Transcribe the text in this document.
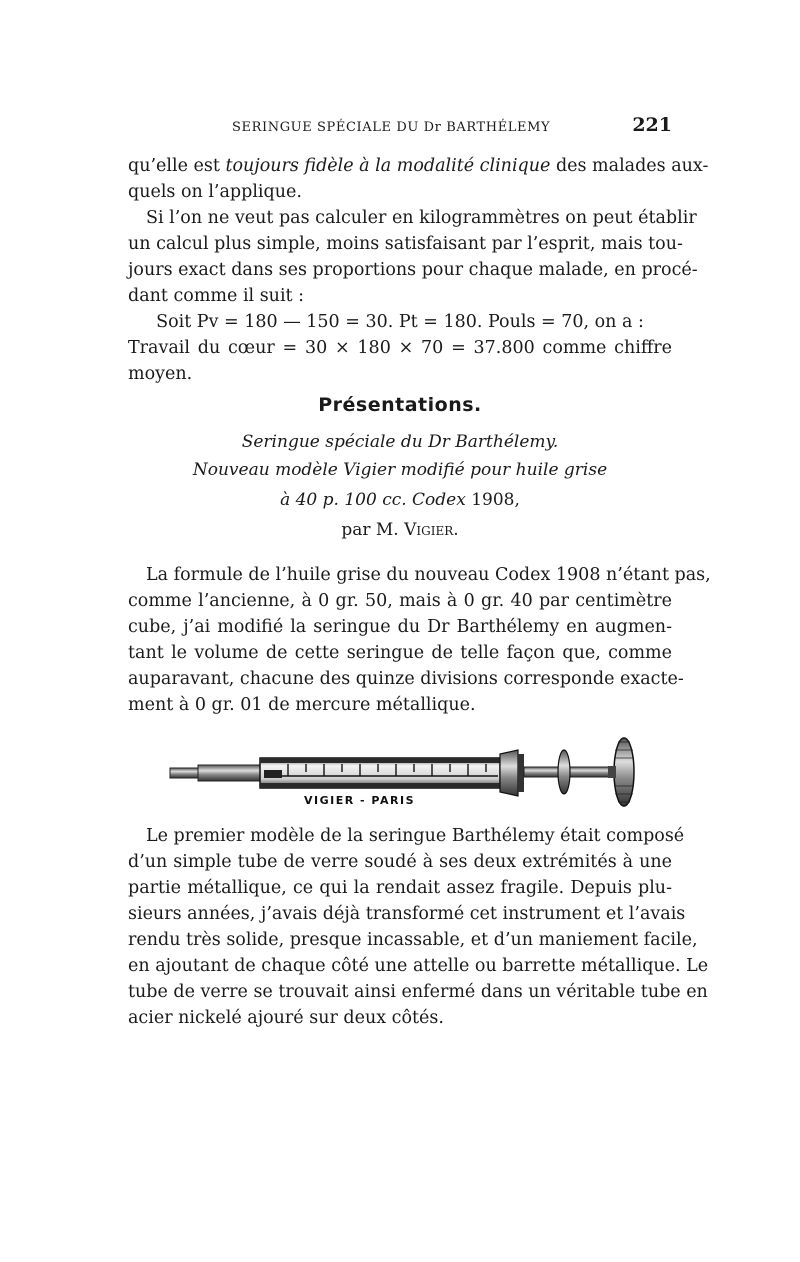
SERINGUE SPÉCIALE DU Dr BARTHÉLEMY	221
qu’elle est toujours fidèle à la modalité clinique des malades aux-
quels on l’applique.
Si l’on ne veut pas calculer en kilogrammètres on peut établir
un calcul plus simple, moins satisfaisant par l’esprit, mais tou-
jours exact dans ses proportions pour chaque malade, en procé-
dant comme il suit :
Soit Pv = 180 — 150 = 30. Pt = 180. Pouls = 70, on a :
Travail du cœur = 30 × 180 × 70 = 37.800 comme chiffre
moyen.
Présentations.
Seringue spéciale du Dr Barthélemy.
Nouveau modèle Vigier modifié pour huile grise
à 40 p. 100 cc. Codex 1908,
par M. Vigier.
La formule de l’huile grise du nouveau Codex 1908 n’étant pas,
comme l’ancienne, à 0 gr. 50, mais à 0 gr. 40 par centimètre
cube, j’ai modifié la seringue du Dr Barthélemy en augmen-
tant le volume de cette seringue de telle façon que, comme
auparavant, chacune des quinze divisions corresponde exacte-
ment à 0 gr. 01 de mercure métallique.
VIGIER - PARIS
Le premier modèle de la seringue Barthélemy était composé
d’un simple tube de verre soudé à ses deux extrémités à une
partie métallique, ce qui la rendait assez fragile. Depuis plu-
sieurs années, j’avais déjà transformé cet instrument et l’avais
rendu très solide, presque incassable, et d’un maniement facile,
en ajoutant de chaque côté une attelle ou barrette métallique. Le
tube de verre se trouvait ainsi enfermé dans un véritable tube en
acier nickelé ajouré sur deux côtés.
